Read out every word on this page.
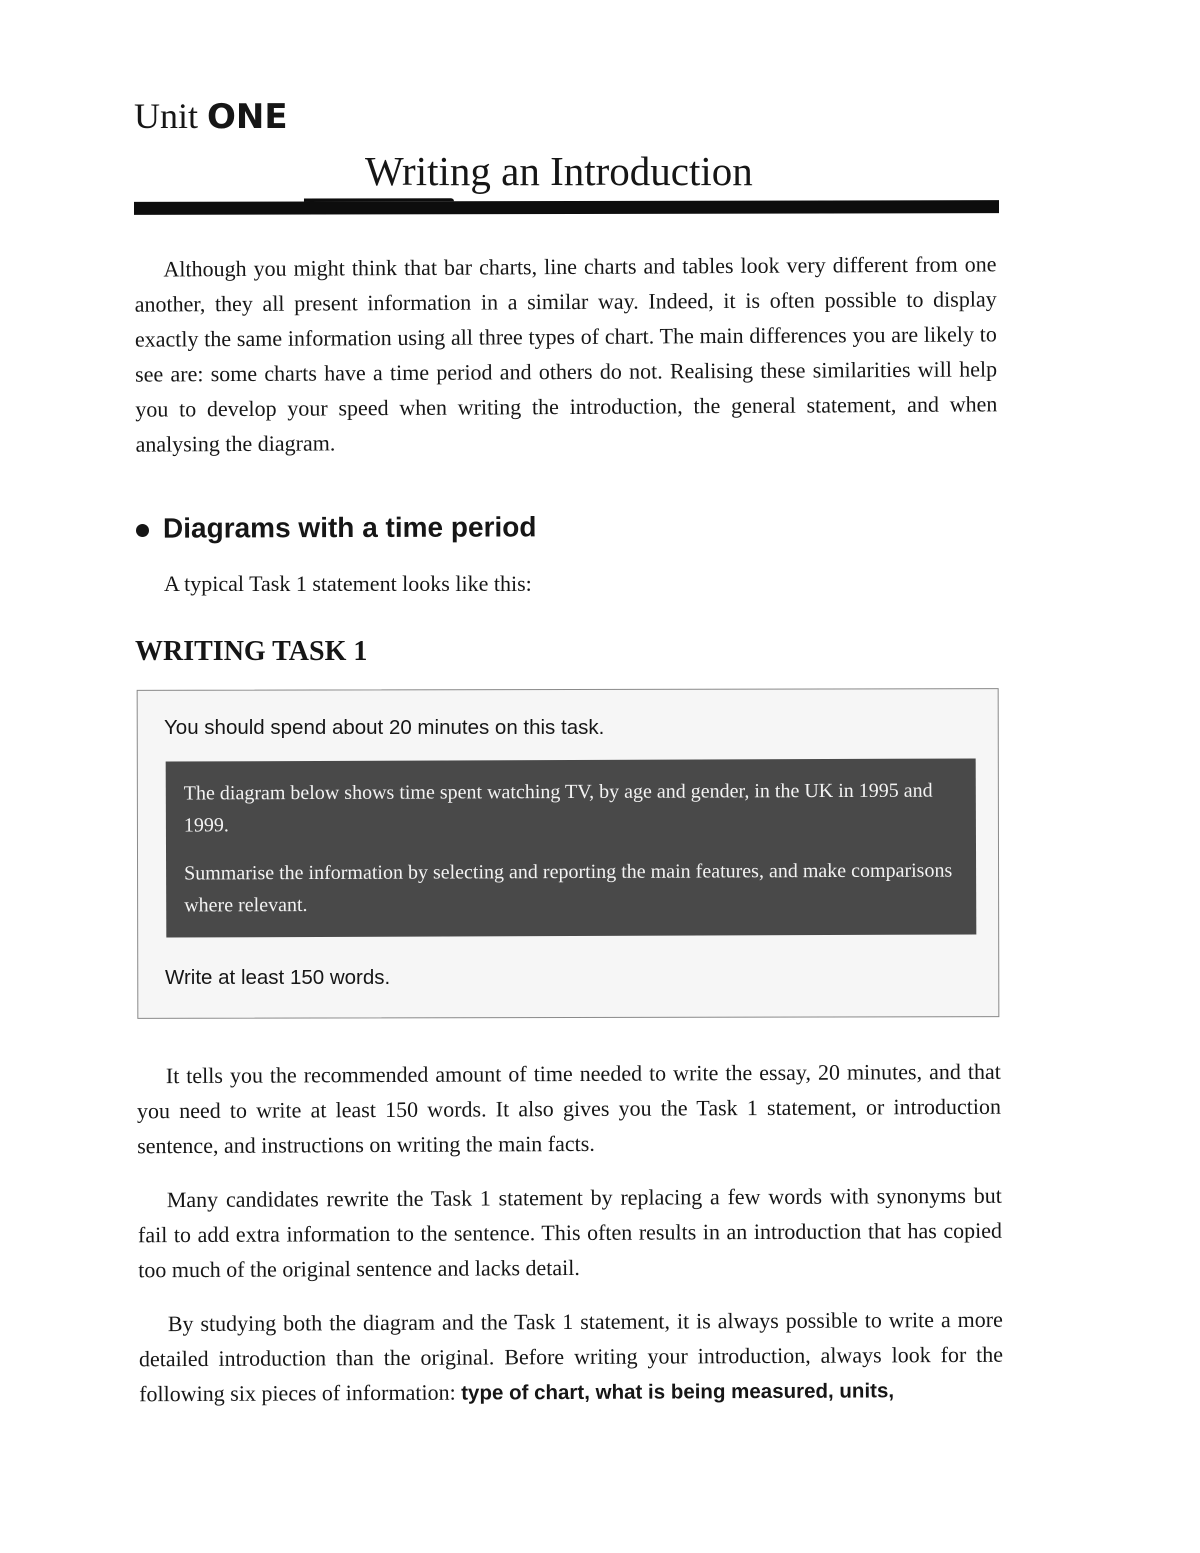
Unit ONE
Writing an Introduction

Although you might think that bar charts, line charts and tables look very different from one another, they all present information in a similar way. Indeed, it is often possible to display exactly the same information using all three types of chart. The main differences you are likely to see are: some charts have a time period and others do not. Realising these similarities will help you to develop your speed when writing the introduction, the general statement, and when analysing the diagram.

Diagrams with a time period

A typical Task 1 statement looks like this:

WRITING TASK 1

You should spend about 20 minutes on this task.

The diagram below shows time spent watching TV, by age and gender, in the UK in 1995 and 1999.

Summarise the information by selecting and reporting the main features, and make comparisons where relevant.

Write at least 150 words.

It tells you the recommended amount of time needed to write the essay, 20 minutes, and that you need to write at least 150 words. It also gives you the Task 1 statement, or introduction sentence, and instructions on writing the main facts.

Many candidates rewrite the Task 1 statement by replacing a few words with synonyms but fail to add extra information to the sentence. This often results in an introduction that has copied too much of the original sentence and lacks detail.

By studying both the diagram and the Task 1 statement, it is always possible to write a more detailed introduction than the original. Before writing your introduction, always look for the following six pieces of information: type of chart, what is being measured, units,
